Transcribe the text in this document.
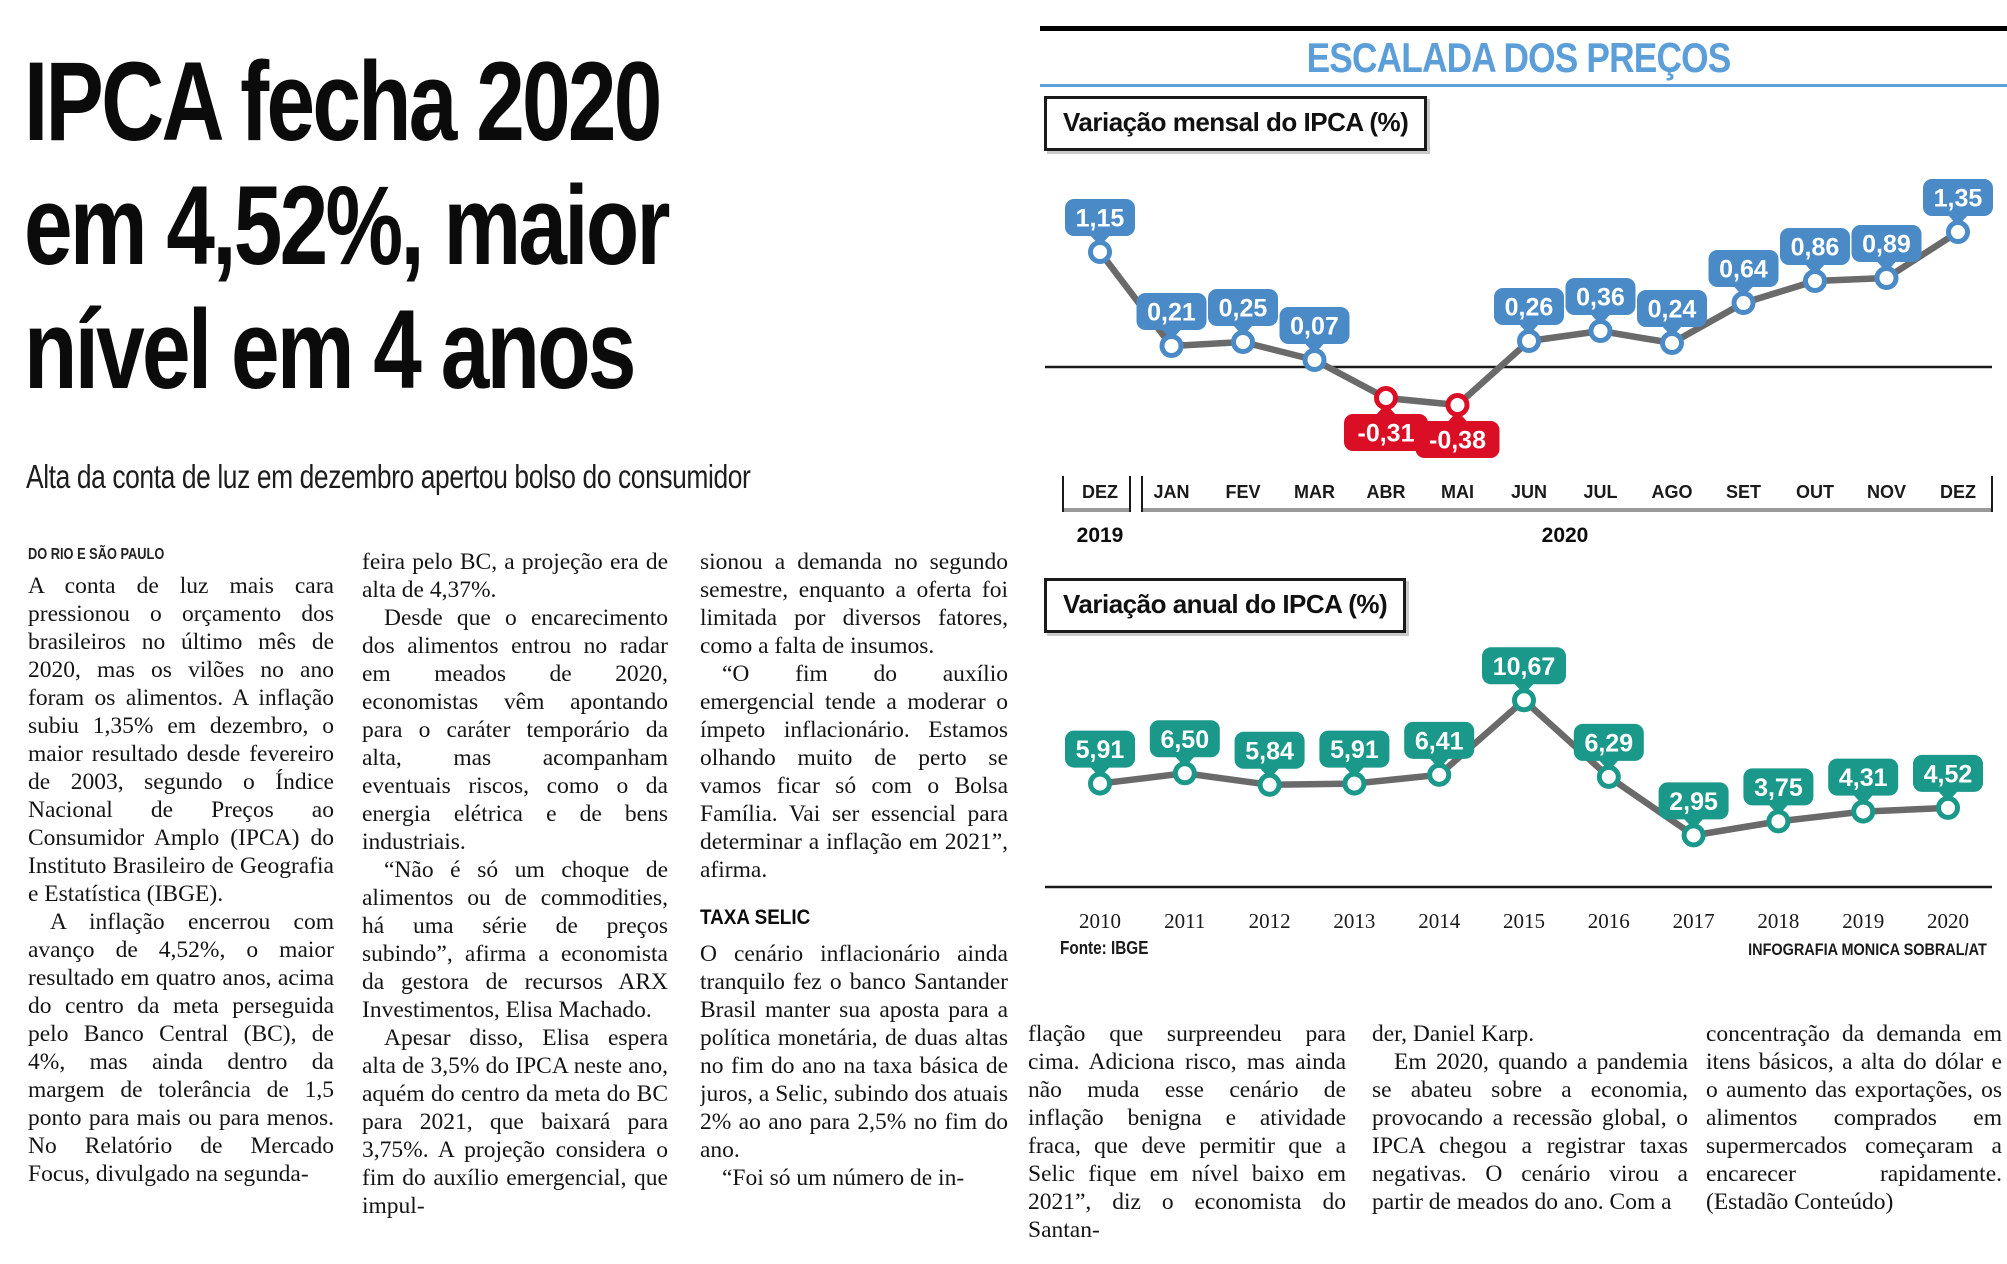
IPCA fecha 2020
em 4,52%, maior
nível em 4 anos
Alta da conta de luz em dezembro apertou bolso do consumidor
DO RIO E SÃO PAULO

A conta de luz mais cara pressionou o orçamento dos brasileiros no último mês de 2020, mas os vilões no ano foram os alimentos. A inflação subiu 1,35% em dezembro, o maior resultado desde fevereiro de 2003, segundo o Índice Nacional de Preços ao Consumidor Amplo (IPCA) do Instituto Brasileiro de Geografia e Estatística (IBGE).

A inflação encerrou com avanço de 4,52%, o maior resultado em quatro anos, acima do centro da meta perseguida pelo Banco Central (BC), de 4%, mas ainda dentro da margem de tolerância de 1,5 ponto para mais ou para menos. No Relatório de Mercado Focus, divulgado na segunda-

feira pelo BC, a projeção era de alta de 4,37%.

Desde que o encarecimento dos alimentos entrou no radar em meados de 2020, economistas vêm apontando para o caráter temporário da alta, mas acompanham eventuais riscos, como o da energia elétrica e de bens industriais.

“Não é só um choque de alimentos ou de commodities, há uma série de preços subindo”, afirma a economista da gestora de recursos ARX Investimentos, Elisa Machado.

Apesar disso, Elisa espera alta de 3,5% do IPCA neste ano, aquém do centro da meta do BC para 2021, que baixará para 3,75%. A projeção considera o fim do auxílio emergencial, que impul-

sionou a demanda no segundo semestre, enquanto a oferta foi limitada por diversos fatores, como a falta de insumos.

“O fim do auxílio emergencial tende a moderar o ímpeto inflacionário. Estamos olhando muito de perto se vamos ficar só com o Bolsa Família. Vai ser essencial para determinar a inflação em 2021”, afirma.

TAXA SELIC

O cenário inflacionário ainda tranquilo fez o banco Santander Brasil manter sua aposta para a política monetária, de duas altas no fim do ano na taxa básica de juros, a Selic, subindo dos atuais 2% ao ano para 2,5% no fim do ano.

“Foi só um número de in-

flação que surpreendeu para cima. Adiciona risco, mas ainda não muda esse cenário de inflação benigna e atividade fraca, que deve permitir que a Selic fique em nível baixo em 2021”, diz o economista do Santan-

der, Daniel Karp.

Em 2020, quando a pandemia se abateu sobre a economia, provocando a recessão global, o IPCA chegou a registrar taxas negativas. O cenário virou a partir de meados do ano. Com a

concentração da demanda em itens básicos, a alta do dólar e o aumento das exportações, os alimentos comprados em supermercados começaram a encarecer rapidamente. (Estadão Conteúdo)

ESCALADA DOS PREÇOS
Variação mensal do IPCA (%)
1,15
0,21 0,25
0,07
-0,31 -0,38
0,26 0,36 0,24
0,64
0,86 0,89
1,35
DEZ JAN FEV MAR ABR MAI JUN JUL AGO SET OUT NOV DEZ
2019	2020
Variação anual do IPCA (%)
5,91 6,50 5,84 5,91 6,41
10,67
6,29
2,95 3,75 4,31 4,52
2010 2011 2012 2013 2014 2015 2016 2017 2018 2019 2020
Fonte: IBGE	INFOGRAFIA MONICA SOBRAL/AT
